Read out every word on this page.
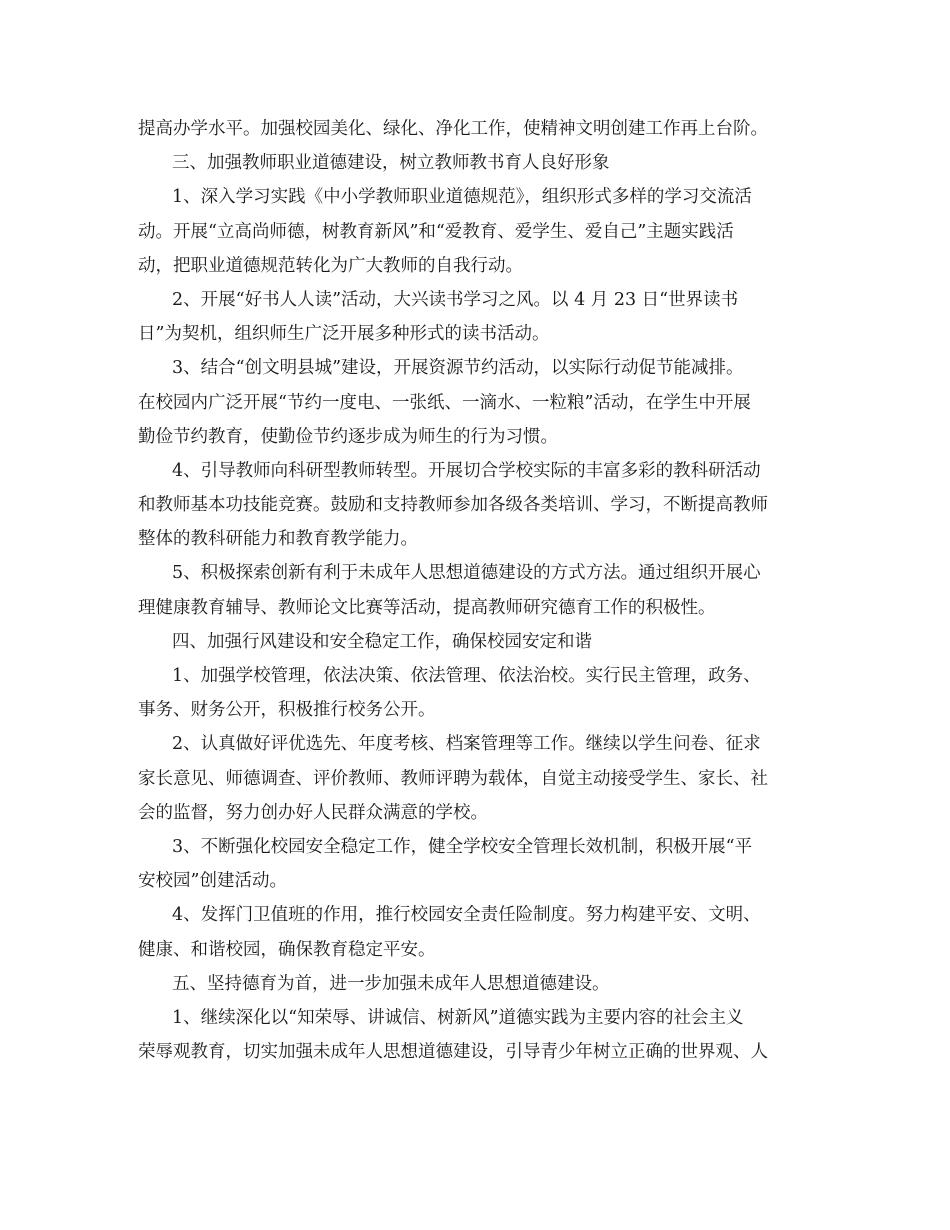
提高办学水平。加强校园美化、绿化、净化工作，使精神文明创建工作再上台阶。
三、加强教师职业道德建设，树立教师教书育人良好形象
1、深入学习实践《中小学教师职业道德规范》，组织形式多样的学习交流活
动。开展“立高尚师德，树教育新风”和“爱教育、爱学生、爱自己”主题实践活
动，把职业道德规范转化为广大教师的自我行动。
2、开展“好书人人读”活动，大兴读书学习之风。以 4 月 23 日“世界读书
日”为契机，组织师生广泛开展多种形式的读书活动。
3、结合“创文明县城”建设，开展资源节约活动，以实际行动促节能减排。
在校园内广泛开展“节约一度电、一张纸、一滴水、一粒粮”活动，在学生中开展
勤俭节约教育，使勤俭节约逐步成为师生的行为习惯。
4、引导教师向科研型教师转型。开展切合学校实际的丰富多彩的教科研活动
和教师基本功技能竞赛。鼓励和支持教师参加各级各类培训、学习，不断提高教师
整体的教科研能力和教育教学能力。
5、积极探索创新有利于未成年人思想道德建设的方式方法。通过组织开展心
理健康教育辅导、教师论文比赛等活动，提高教师研究德育工作的积极性。
四、加强行风建设和安全稳定工作，确保校园安定和谐
1、加强学校管理，依法决策、依法管理、依法治校。实行民主管理，政务、
事务、财务公开，积极推行校务公开。
2、认真做好评优选先、年度考核、档案管理等工作。继续以学生问卷、征求
家长意见、师德调查、评价教师、教师评聘为载体，自觉主动接受学生、家长、社
会的监督，努力创办好人民群众满意的学校。
3、不断强化校园安全稳定工作，健全学校安全管理长效机制，积极开展“平
安校园”创建活动。
4、发挥门卫值班的作用，推行校园安全责任险制度。努力构建平安、文明、
健康、和谐校园，确保教育稳定平安。
五、坚持德育为首，进一步加强未成年人思想道德建设。
1、继续深化以“知荣辱、讲诚信、树新风”道德实践为主要内容的社会主义
荣辱观教育，切实加强未成年人思想道德建设，引导青少年树立正确的世界观、人
